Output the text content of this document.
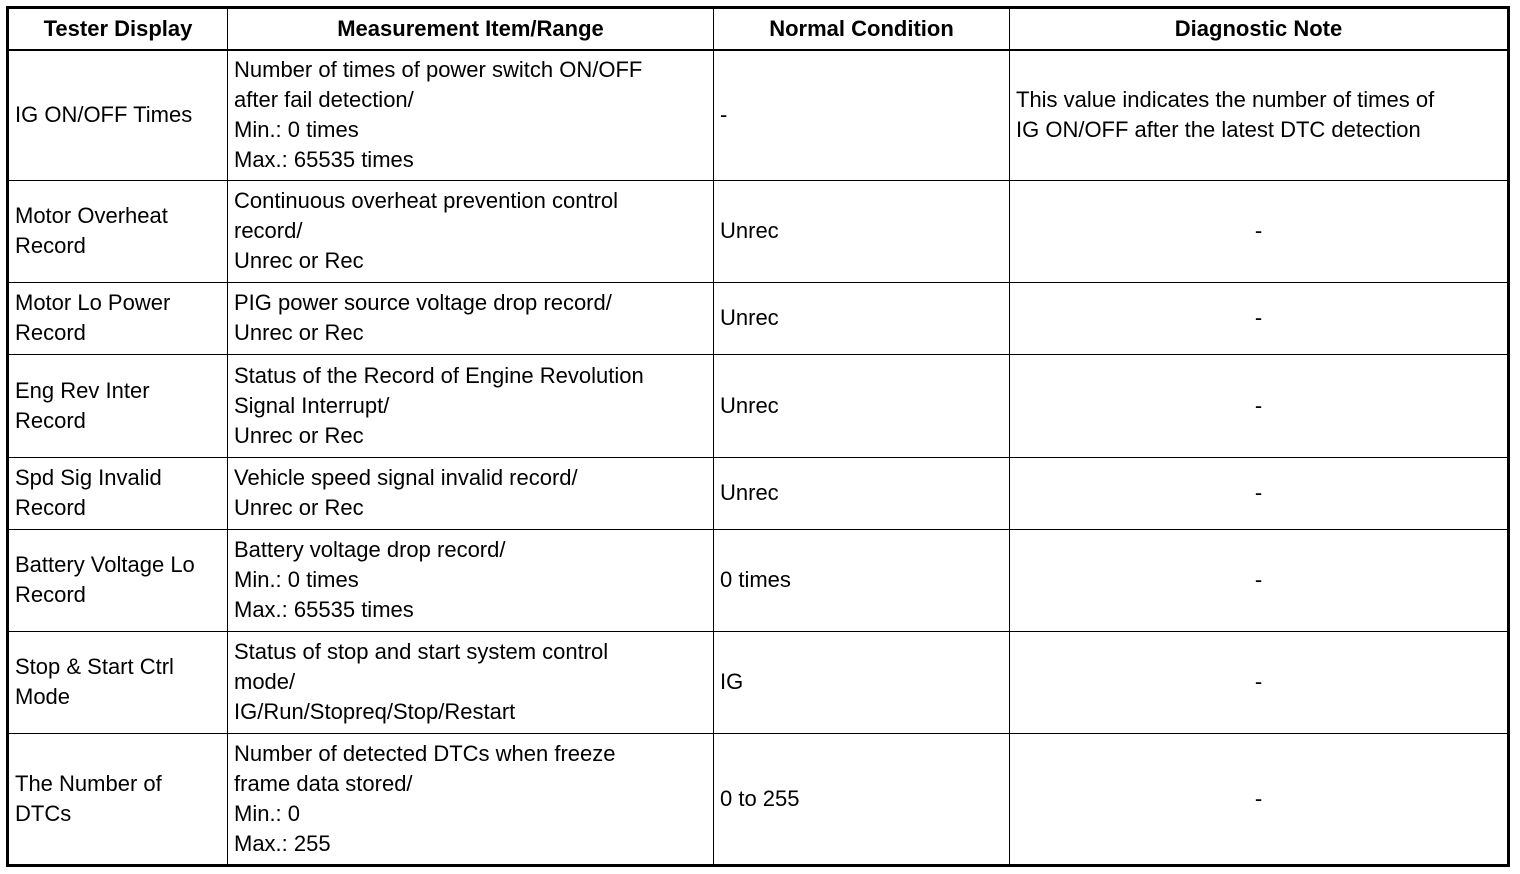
Tester Display	Measurement Item/Range	Normal Condition	Diagnostic Note

IG ON/OFF Times	Number of times of power switch ON/OFF
after fail detection/
Min.: 0 times
Max.: 65535 times	-	This value indicates the number of times of
IG ON/OFF after the latest DTC detection

Motor Overheat
Record	Continuous overheat prevention control
record/
Unrec or Rec	Unrec	-

Motor Lo Power
Record	PIG power source voltage drop record/
Unrec or Rec	Unrec	-

Eng Rev Inter
Record	Status of the Record of Engine Revolution
Signal Interrupt/
Unrec or Rec	Unrec	-

Spd Sig Invalid
Record	Vehicle speed signal invalid record/
Unrec or Rec	Unrec	-

Battery Voltage Lo
Record	Battery voltage drop record/
Min.: 0 times
Max.: 65535 times	0 times	-

Stop & Start Ctrl
Mode	Status of stop and start system control
mode/
IG/Run/Stopreq/Stop/Restart	IG	-

The Number of
DTCs	Number of detected DTCs when freeze
frame data stored/
Min.: 0
Max.: 255	0 to 255	-
